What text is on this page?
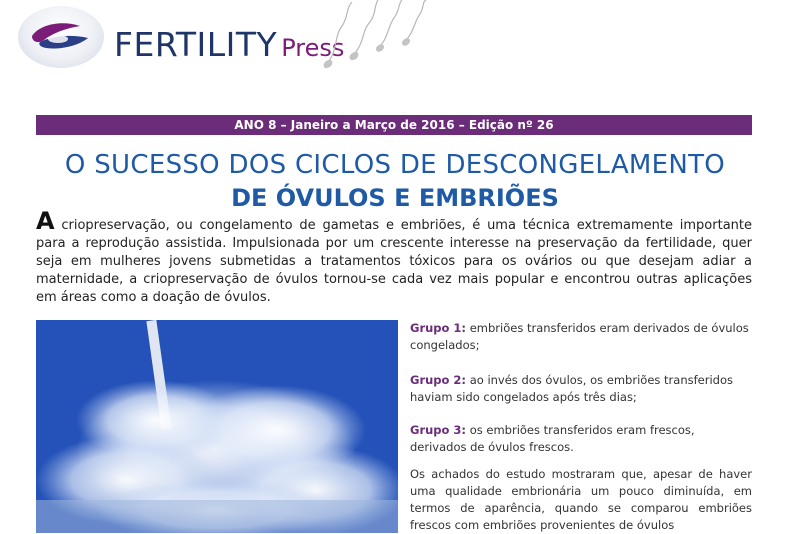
FERTILITY Press
ANO 8 – Janeiro a Março de 2016 – Edição nº 26
O SUCESSO DOS CICLOS DE DESCONGELAMENTO
DE ÓVULOS E EMBRIÕES
A criopreservação, ou congelamento de gametas e embriões, é uma técnica extremamente importante para a reprodução assistida. Impulsionada por um crescente interesse na preservação da fertilidade, quer seja em mulheres jovens submetidas a tratamentos tóxicos para os ovários ou que desejam adiar a maternidade, a criopreservação de óvulos tornou-se cada vez mais popular e encontrou outras aplicações em áreas como a doação de óvulos.
Grupo 1: embriões transferidos eram derivados de óvulos congelados;
Grupo 2: ao invés dos óvulos, os embriões transferidos haviam sido congelados após três dias;
Grupo 3: os embriões transferidos eram frescos, derivados de óvulos frescos.
Os achados do estudo mostraram que, apesar de haver uma qualidade embrionária um pouco diminuída, em termos de aparência, quando se comparou embriões frescos com embriões provenientes de óvulos
